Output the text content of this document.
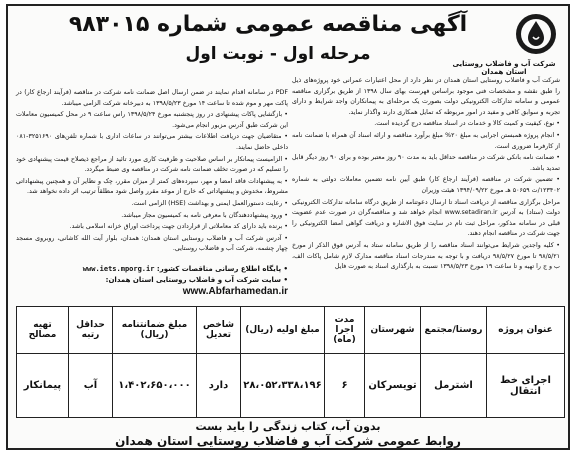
شرکت آب و فاضلاب روستایی استان همدان
آگهی مناقصه عمومی شماره ۹۸۳۰۱۵
مرحله اول - نوبت اول

شرکت آب و فاضلاب روستایی استان همدان در نظر دارد از محل اعتبارات عمرانی خود پروژه‌های ذیل را طبق نقشه و مشخصات فنی موجود براساس فهرست بهای سال ۱۳۹۸ از طریق برگزاری مناقصه عمومی و سامانه تدارکات الکترونیکی دولت بصورت یک مرحله‌ای به پیمانکاران واجد شرایط و دارای تجربه و سوابق کافی و مفید در امور مربوطه که تمایل همکاری دارند واگذار نماید.

• نوع، کیفیت و کمیت کالا و خدمات در اسناد مناقصه درج گردیده است.

• انجام پروژه همبستن اجرایی به مبلغ ۲۰% مبلغ برآورد مناقصه و ارائه اسناد آن همراه با ضمانت نامه از کارفرما ضروری است.

• ضمانت نامه بانکی شرکت در مناقصه حداقل باید به مدت ۹۰ روز معتبر بوده و برای ۹۰ روز دیگر قابل تمدید باشد.

• تضمین شرکت در مناقصه (فرآیند ارجاع کار) طبق آیین نامه تضمین معاملات دولتی به شماره ۱۲۳۴۰۲/ت ۵۰۶۵۹ هـ مورخ ۱۳۹۴/۰۹/۲۲ هیئت وزیران

مراحل برگزاری مناقصه از دریافت اسناد تا ارسال دعوتنامه از طریق درگاه سامانه تدارکات الکترونیکی دولت (ستاد) به آدرس www.setadiran.ir انجام خواهد شد و مناقصه‌گران در صورت عدم عضویت قبلی در سامانه مذکور، مراحل ثبت نام در سایت فوق الاشاره و دریافت گواهی امضا الکترونیکی را جهت شرکت در مناقصه انجام دهند.

• کلیه واجدین شرایط می‌توانند اسناد مناقصه را از طریق سامانه ستاد به آدرس فوق الذکر از مورخ ۹۸/۵/۲۱ تا مورخ ۹۸/۵/۲۷ دریافت و با توجه به مندرجات اسناد مناقصه مدارک لازم شامل پاکات الف، ب و ج را تهیه و تا ساعت ۱۹ مورخ ۱۳۹۸/۵/۲۳ نسبت به بارگذاری اسناد به صورت فایل

PDF در سامانه اقدام نمایند در ضمن ارسال اصل ضمانت نامه شرکت در مناقصه (فرآیند ارجاع کار) در پاکت مهر و موم شده تا ساعت ۱۴ مورخ ۱۳۹۸/۵/۲۳ به دبیرخانه شرکت الزامی میباشد.

• بازگشایی پاکات پیشنهادی در روز پنجشنبه مورخ ۱۳۹۸/۵/۲۴ راس ساعت ۹ در محل کمیسیون معاملات این شرکت طبق آدرس مزبور انجام می‌شود.

• متقاضیان جهت دریافت اطلاعات بیشتر می‌توانند در ساعات اداری با شماره تلفن‌های ۳۲۵۱۶۹۰-۰۸۱ داخلی حاضل نمایند.

• الزامیست پیمانکار بر اساس صلاحیت و ظرفیت کاری مورد تائید از مراجع ذیصلاح قیمت پیشنهادی خود را تسلیم که در صورت تخلف ضمانت نامه شرکت در مناقصه وی ضبط میگردد.

• به پیشنهادات فاقد امضا و مهر، سپرده‌های کمتر از میزان مقرر، چک و نظایر آن و همچنین پیشنهاداتی مشروط، مخدوش و پیشنهاداتی که خارج از موعد مقرر واصل شود مطلقاً ترتیب اثر داده نخواهد شد.

• رعایت دستورالعمل ایمنی و بهداشت (HSE) الزامی است.

• ورود پیشنهاددهندگان با معرفی نامه به کمیسیون مجاز میباشد.

• برنده باید دارای کد معاملاتی از قراردادن جهت پرداخت اوراق خزانه اسلامی باشد.

• آدرس شرکت آب و فاضلاب روستایی استان همدان: همدان، بلوار آیت الله کاشانی، روبروی مسجد چهار چشمه، شرکت آب و فاضلاب روستایی.

• پایگاه اطلاع رسانی مناقصات کشور: www.iets.mporg.ir
• سایت شرکت آب و فاضلاب روستایی استان همدان: www.Abfarhamedan.ir
عنوان پروژه	روستا/مجتمع	شهرستان	مدت اجرا (ماه)	مبلغ اولیه (ریال)	شاخص تعدیل	مبلغ ضمانتنامه (ریال)	حداقل رتبه	تهیه مصالح
اجرای خط انتقال	اشترمل	تویسرکان	۶	۲۸،۰۵۲،۳۳۸،۱۹۶	دارد	۱،۴۰۲،۶۵۰،۰۰۰	آب	پیمانکار
بدون آب، کتاب زندگی را باید بست
روابط عمومی شرکت آب و فاضلاب روستایی استان همدان
